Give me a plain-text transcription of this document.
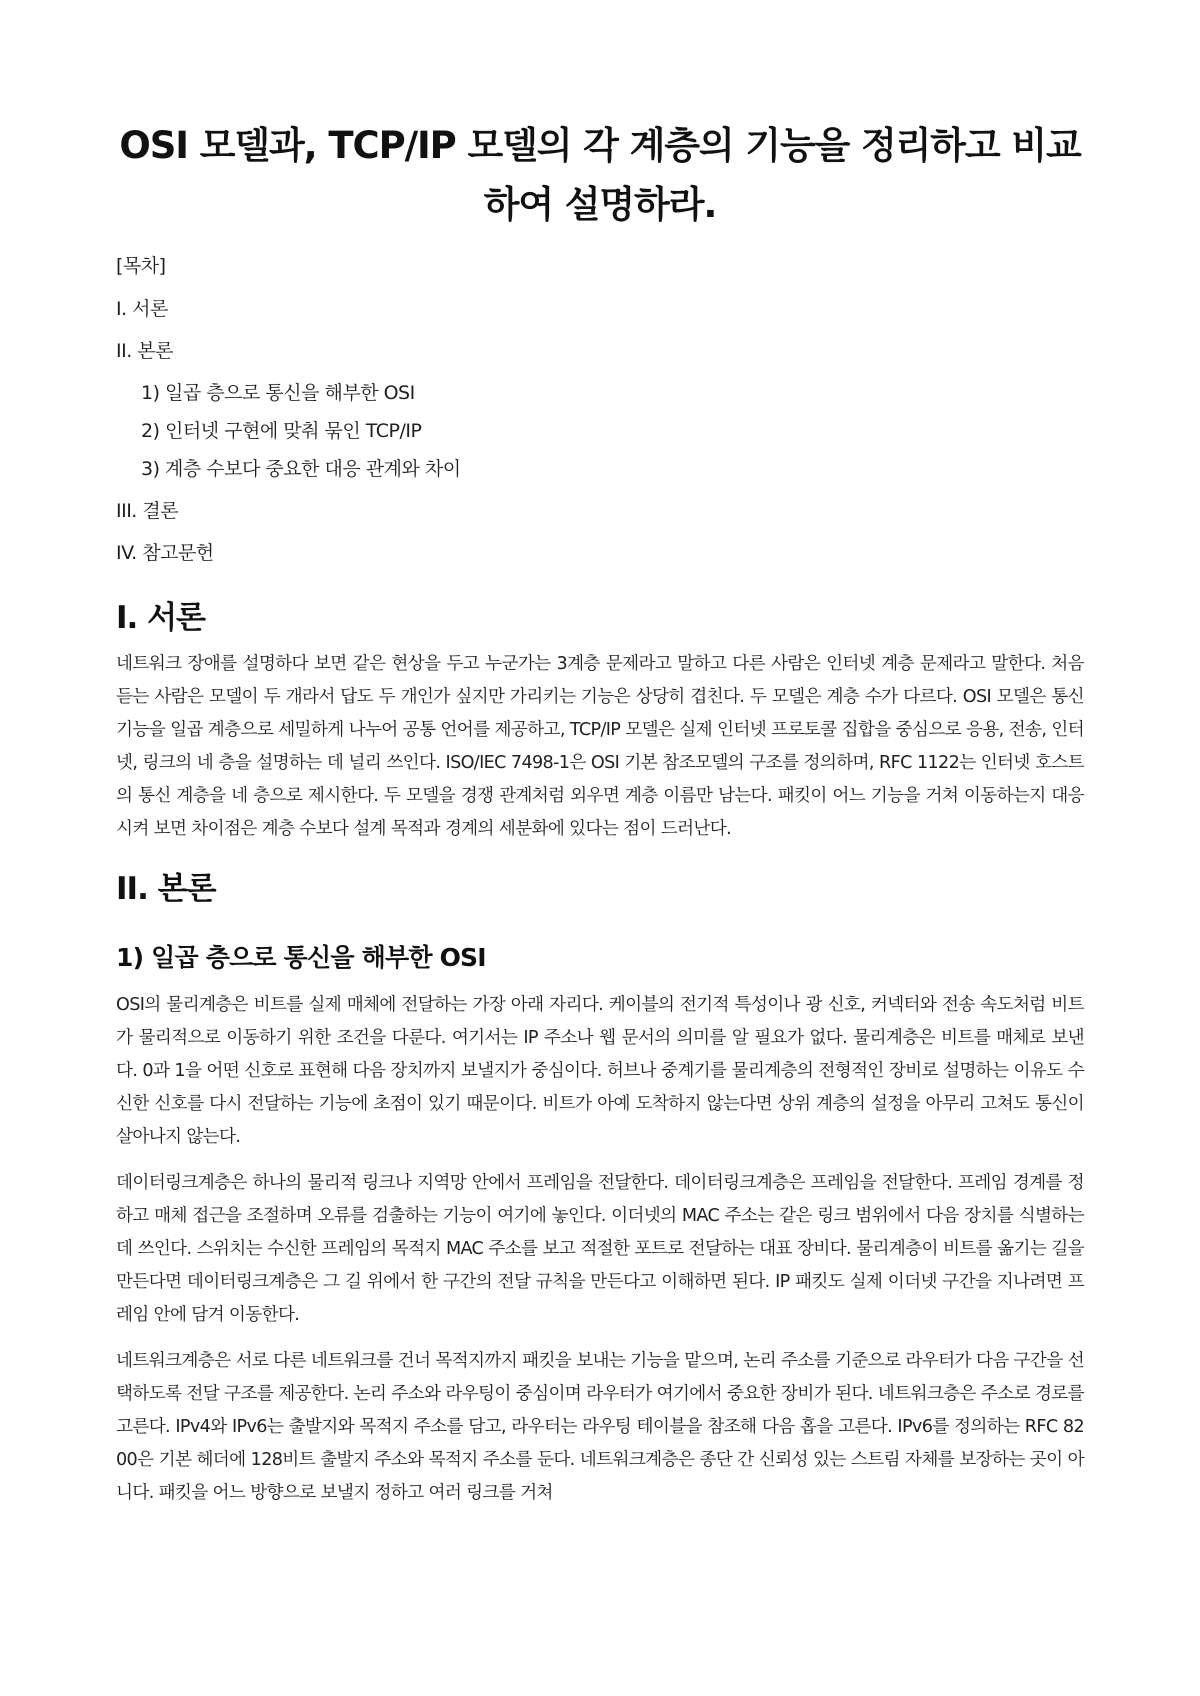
OSI 모델과, TCP/IP 모델의 각 계층의 기능을 정리하고 비교하여 설명하라.
[목차]
I. 서론
II. 본론
1) 일곱 층으로 통신을 해부한 OSI
2) 인터넷 구현에 맞춰 묶인 TCP/IP
3) 계층 수보다 중요한 대응 관계와 차이
III. 결론
IV. 참고문헌
I. 서론

네트워크 장애를 설명하다 보면 같은 현상을 두고 누군가는 3계층 문제라고 말하고 다른 사람은 인터넷 계층 문제라고 말한다. 처음 듣는 사람은 모델이 두 개라서 답도 두 개인가 싶지만 가리키는 기능은 상당히 겹친다. 두 모델은 계층 수가 다르다. OSI 모델은 통신 기능을 일곱 계층으로 세밀하게 나누어 공통 언어를 제공하고, TCP/IP 모델은 실제 인터넷 프로토콜 집합을 중심으로 응용, 전송, 인터넷, 링크의 네 층을 설명하는 데 널리 쓰인다. ISO/IEC 7498-1은 OSI 기본 참조모델의 구조를 정의하며, RFC 1122는 인터넷 호스트의 통신 계층을 네 층으로 제시한다. 두 모델을 경쟁 관계처럼 외우면 계층 이름만 남는다. 패킷이 어느 기능을 거쳐 이동하는지 대응시켜 보면 차이점은 계층 수보다 설계 목적과 경계의 세분화에 있다는 점이 드러난다.

II. 본론
1) 일곱 층으로 통신을 해부한 OSI

OSI의 물리계층은 비트를 실제 매체에 전달하는 가장 아래 자리다. 케이블의 전기적 특성이나 광 신호, 커넥터와 전송 속도처럼 비트가 물리적으로 이동하기 위한 조건을 다룬다. 여기서는 IP 주소나 웹 문서의 의미를 알 필요가 없다. 물리계층은 비트를 매체로 보낸다. 0과 1을 어떤 신호로 표현해 다음 장치까지 보낼지가 중심이다. 허브나 중계기를 물리계층의 전형적인 장비로 설명하는 이유도 수신한 신호를 다시 전달하는 기능에 초점이 있기 때문이다. 비트가 아예 도착하지 않는다면 상위 계층의 설정을 아무리 고쳐도 통신이 살아나지 않는다.

데이터링크계층은 하나의 물리적 링크나 지역망 안에서 프레임을 전달한다. 데이터링크계층은 프레임을 전달한다. 프레임 경계를 정하고 매체 접근을 조절하며 오류를 검출하는 기능이 여기에 놓인다. 이더넷의 MAC 주소는 같은 링크 범위에서 다음 장치를 식별하는 데 쓰인다. 스위치는 수신한 프레임의 목적지 MAC 주소를 보고 적절한 포트로 전달하는 대표 장비다. 물리계층이 비트를 옮기는 길을 만든다면 데이터링크계층은 그 길 위에서 한 구간의 전달 규칙을 만든다고 이해하면 된다. IP 패킷도 실제 이더넷 구간을 지나려면 프레임 안에 담겨 이동한다.

네트워크계층은 서로 다른 네트워크를 건너 목적지까지 패킷을 보내는 기능을 맡으며, 논리 주소를 기준으로 라우터가 다음 구간을 선택하도록 전달 구조를 제공한다. 논리 주소와 라우팅이 중심이며 라우터가 여기에서 중요한 장비가 된다. 네트워크층은 주소로 경로를 고른다. IPv4와 IPv6는 출발지와 목적지 주소를 담고, 라우터는 라우팅 테이블을 참조해 다음 홉을 고른다. IPv6를 정의하는 RFC 8200은 기본 헤더에 128비트 출발지 주소와 목적지 주소를 둔다. 네트워크계층은 종단 간 신뢰성 있는 스트림 자체를 보장하는 곳이 아니다. 패킷을 어느 방향으로 보낼지 정하고 여러 링크를 거쳐
